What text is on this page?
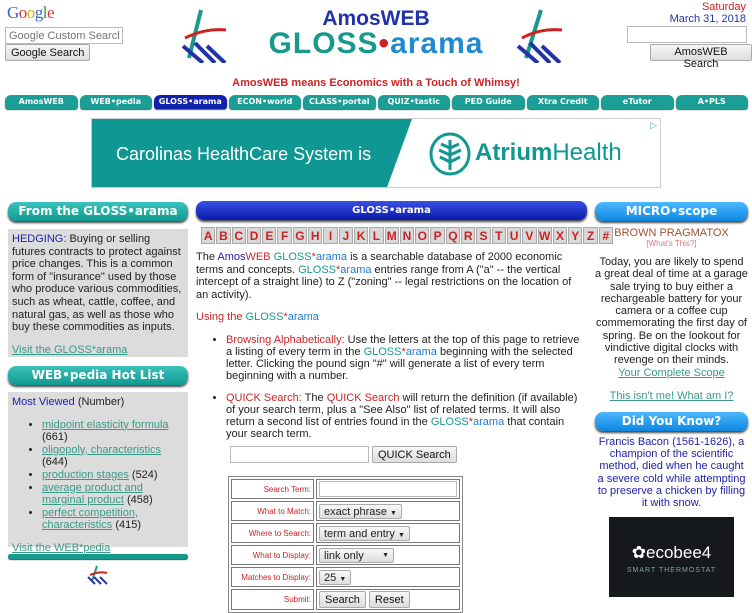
Google
Google Custom Search
Google Search
AmosWEB
GLOSS•arama
Saturday
March 31, 2018
AmosWEB Search
AmosWEB means Economics with a Touch of Whimsy!
AmosWEB	WEB•pedia	GLOSS•arama	ECON•world	CLASS•portal	QUIZ•tastic	PED Guide	Xtra Credit	eTutor	A•PLS
Carolinas HealthCare System is	AtriumHealth
▷
From the GLOSS•arama
HEDGING: Buying or selling futures contracts to protect against price changes. This is a common form of "insurance" used by those who produce various commodities, such as wheat, cattle, coffee, and natural gas, as well as those who buy these commodities as inputs.
Visit the GLOSS*arama
WEB•pedia Hot List
Most Viewed (Number)
• midpoint elasticity formula (661)
• oligopoly, characteristics (644)
• production stages (524)
• average product and marginal product (458)
• perfect competition, characteristics (415)
Visit the WEB*pedia
GLOSS•arama
A B C D E F G H I J K L M N O P Q R S T U V W X Y Z #

The AmosWEB GLOSS*arama is a searchable database of 2000 economic terms and concepts. GLOSS*arama entries range from A ("a" -- the vertical intercept of a straight line) to Z ("zoning" -- legal restrictions on the location of an activity).

Using the GLOSS*arama

• Browsing Alphabetically: Use the letters at the top of this page to retrieve a listing of every term in the GLOSS*arama beginning with the selected letter. Clicking the pound sign "#" will generate a list of every term beginning with a number.
• QUICK Search: The QUICK Search will return the definition (if available) of your search term, plus a "See Also" list of related terms. It will also return a second list of entries found in the GLOSS*arama that contain your search term.
QUICK Search
Search Term:	
What to Match:	exact phrase ▼
Where to Search:	term and entry ▼
What to Display:	link only ▼

Matches to Display:	25 ▼
Submit:	Search Reset
MICRO•scope
BROWN PRAGMATOX
[What's This?]
Today, you are likely to spend a great deal of time at a garage sale trying to buy either a rechargeable battery for your camera or a coffee cup commemorating the first day of spring. Be on the lookout for vindictive digital clocks with revenge on their minds.
Your Complete Scope
This isn't me! What am I?
Did You Know?
Francis Bacon (1561-1626), a champion of the scientific method, died when he caught a severe cold while attempting to preserve a chicken by filling it with snow.
✿ecobee4
SMART THERMOSTAT
